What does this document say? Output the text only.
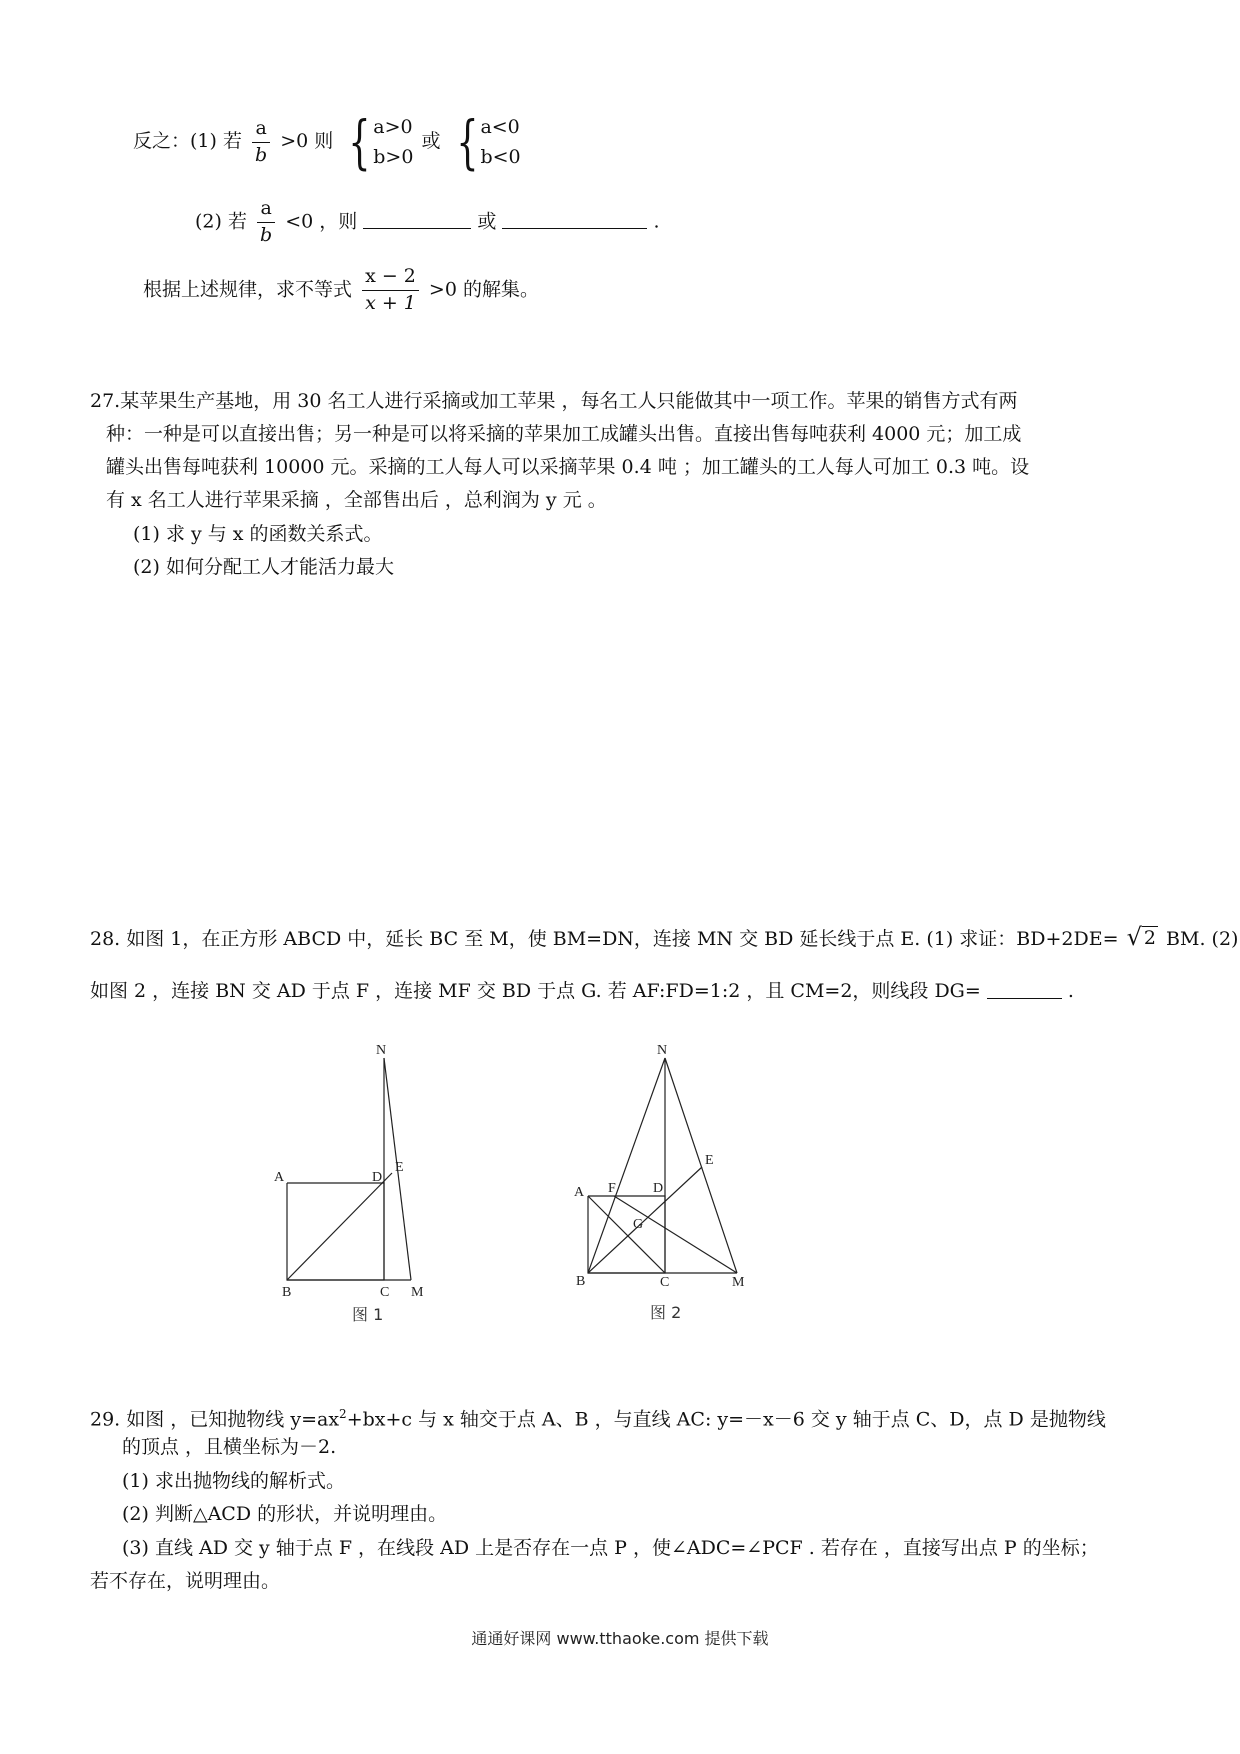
反之：(1) 若 $\frac{a}{b} >0$ 则 { a>0
b>0
或 { a<0
b<0
(2) 若 $\frac{a}{b} <0$ ，则	或	.
根据上述规律，求不等式 $\frac{x - 2}{x + 1} >0$ 的解集。
27.某苹果生产基地，用 30 名工人进行采摘或加工苹果 ，每名工人只能做其中一项工作。苹果的销售方式有两
种：一种是可以直接出售；另一种是可以将采摘的苹果加工成罐头出售。直接出售每吨获利 4000 元；加工成
罐头出售每吨获利 10000 元。采摘的工人每人可以采摘苹果 0.4 吨 ；加工罐头的工人每人可加工 0.3 吨。设
有 x 名工人进行苹果采摘 ，全部售出后 ，总利润为 y 元 。
(1) 求 y 与 x 的函数关系式。
(2) 如何分配工人才能活力最大
28. 如图 1，在正方形 ABCD 中，延长 BC 至 M，使 BM=DN，连接 MN 交 BD 延长线于点 E. (1) 求证：BD+2DE= √ 2 BM. (2)
如图 2 ，连接 BN 交 AD 于点 F ，连接 MF 交 BD 于点 G. 若 AF:FD=1:2 ，且 CM=2，则线段 DG=	.
N
A	D
E
B	C M
图 1
N
E
A F	D
G
B	C	M
图 2
29. 如图 ，已知抛物线 $y=ax^2+bx+c$ 与 x 轴交于点 A、B ，与直线 AC: y=－x－6 交 y 轴于点 C、D，点 D 是抛物线
的顶点 ，且横坐标为－2.
(1) 求出抛物线的解析式。
(2) 判断△ACD 的形状，并说明理由。
(3) 直线 AD 交 y 轴于点 F ，在线段 AD 上是否存在一点 P ，使∠ADC=∠PCF . 若存在 ，直接写出点 P 的坐标；
若不存在，说明理由。
通通好课网 www.tthaoke.com 提供下载
